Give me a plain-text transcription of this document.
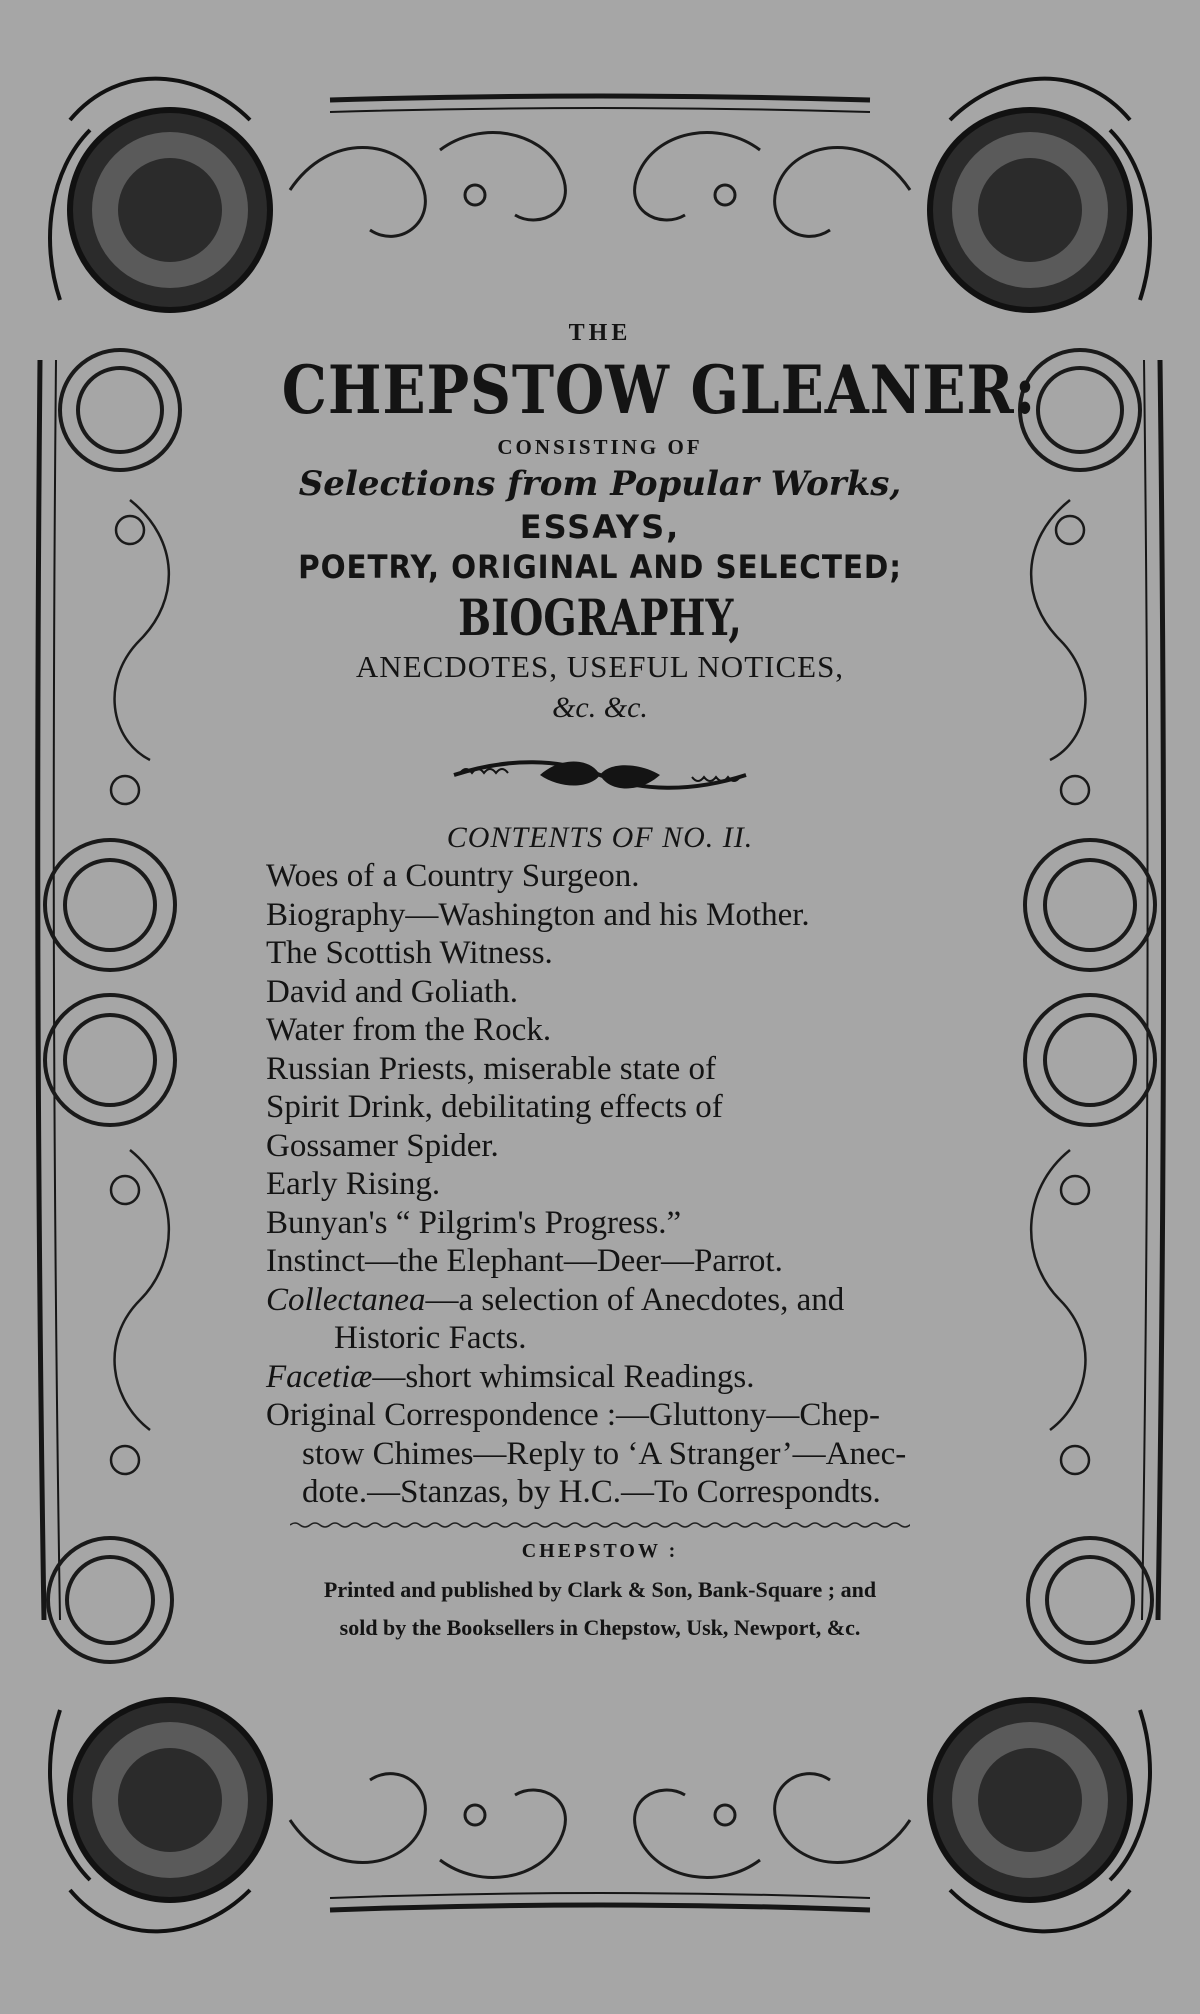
THE

CHEPSTOW GLEANER:

CONSISTING OF

Selections from Popular Works,

ESSAYS,

POETRY, ORIGINAL AND SELECTED;
BIOGRAPHY,

ANECDOTES, USEFUL NOTICES,

&c. &c.

CONTENTS OF NO. II.

Woes of a Country Surgeon.
Biography—Washington and his Mother.
The Scottish Witness.
David and Goliath.
Water from the Rock.
Russian Priests, miserable state of
Spirit Drink, debilitating effects of
Gossamer Spider.
Early Rising.
Bunyan's “ Pilgrim's Progress.”
Instinct—the Elephant—Deer—Parrot.
Collectanea—a selection of Anecdotes, and
Historic Facts.
Facetiæ—short whimsical Readings.
Original Correspondence :—Gluttony—Chep-
stow Chimes—Reply to ‘A Stranger’—Anec-
dote.—Stanzas, by H.C.—To Correspondts.

CHEPSTOW :

Printed and published by Clark & Son, Bank-Square ; and

sold by the Booksellers in Chepstow, Usk, Newport, &c.
